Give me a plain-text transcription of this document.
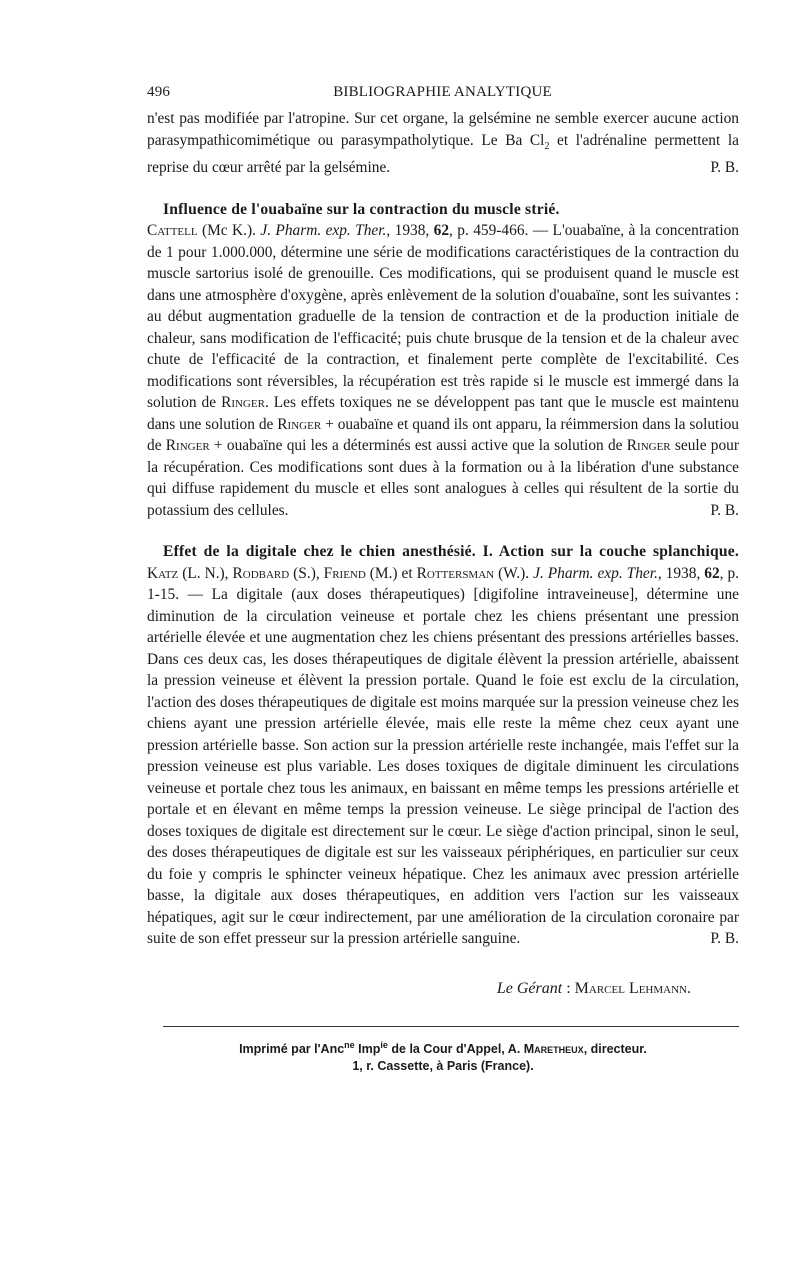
496	BIBLIOGRAPHIE ANALYTIQUE

n'est pas modifiée par l'atropine. Sur cet organe, la gelsémine ne semble exercer aucune action parasympathicomimétique ou parasympatholytique. Le Ba $Cl_2$ et l'adrénaline permettent la reprise du cœur arrêté par la gelsémine.	P. B.

Influence de l'ouabaïne sur la contraction du muscle strié.
Cattell (Mc K.). J. Pharm. exp. Ther., 1938, 62, p. 459-466. — L'ouabaïne, à la concentration de 1 pour 1.000.000, détermine une série de modifications caractéristiques de la contraction du muscle sartorius isolé de grenouille. Ces modifications, qui se produisent quand le muscle est dans une atmosphère d'oxygène, après enlèvement de la solution d'ouabaïne, sont les suivantes : au début augmentation graduelle de la tension de contraction et de la production initiale de chaleur, sans modification de l'efficacité; puis chute brusque de la tension et de la chaleur avec chute de l'efficacité de la contraction, et finalement perte complète de l'excitabilité. Ces modifications sont réversibles, la récupération est très rapide si le muscle est immergé dans la solution de Ringer. Les effets toxiques ne se développent pas tant que le muscle est maintenu dans une solution de Ringer + ouabaïne et quand ils ont apparu, la réimmersion dans la solutiou de Ringer + ouabaïne qui les a déterminés est aussi active que la solution de Ringer seule pour la récupération. Ces modifications sont dues à la formation ou à la libération d'une substance qui diffuse rapidement du muscle et elles sont analogues à celles qui résultent de la sortie du potassium des cellules.	P. B.

Effet de la digitale chez le chien anesthésié. I. Action sur la couche splanchique. Katz (L. N.), Rodbard (S.), Friend (M.) et Rottersman (W.). J. Pharm. exp. Ther., 1938, 62, p. 1-15. — La digitale (aux doses thérapeutiques) [digifoline intraveineuse], détermine une diminution de la circulation veineuse et portale chez les chiens présentant une pression artérielle élevée et une augmentation chez les chiens présentant des pressions artérielles basses. Dans ces deux cas, les doses thérapeutiques de digitale élèvent la pression artérielle, abaissent la pression veineuse et élèvent la pression portale. Quand le foie est exclu de la circulation, l'action des doses thérapeutiques de digitale est moins marquée sur la pression veineuse chez les chiens ayant une pression artérielle élevée, mais elle reste la même chez ceux ayant une pression artérielle basse. Son action sur la pression artérielle reste inchangée, mais l'effet sur la pression veineuse est plus variable. Les doses toxiques de digitale diminuent les circulations veineuse et portale chez tous les animaux, en baissant en même temps les pressions artérielle et portale et en élevant en même temps la pression veineuse. Le siège principal de l'action des doses toxiques de digitale est directement sur le cœur. Le siège d'action principal, sinon le seul, des doses thérapeutiques de digitale est sur les vaisseaux périphériques, en particulier sur ceux du foie y compris le sphincter veineux hépatique. Chez les animaux avec pression artérielle basse, la digitale aux doses thérapeutiques, en addition vers l'action sur les vaisseaux hépatiques, agit sur le cœur indirectement, par une amélioration de la circulation coronaire par suite de son effet presseur sur la pression artérielle sanguine.	P. B.

Le Gérant : Marcel Lehmann.
Imprimé par l'Anc$^{ne}$ Imp$^{ie}$ de la Cour d'Appel, A. Maretheux, directeur.
1, r. Cassette, à Paris (France).
